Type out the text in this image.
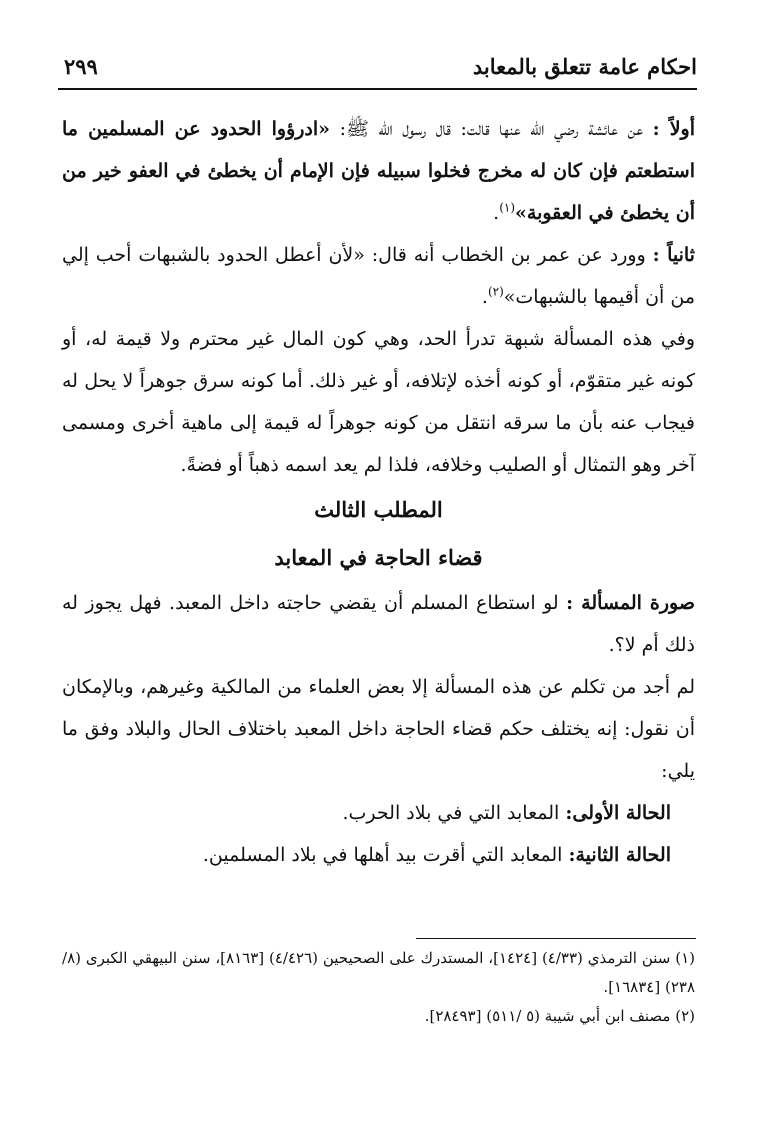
احكام عامة تتعلق بالمعابد
٢٩٩

أولاً : عن عائشة رضي الله عنها قالت: قال رسول الله ﷺ: «ادرؤوا الحدود عن المسلمين ما استطعتم فإن كان له مخرج فخلوا سبيله فإن الإمام أن يخطئ في العفو خير من أن يخطئ في العقوبة»$^{(١)}$.

ثانياً : وورد عن عمر بن الخطاب أنه قال: «لأن أعطل الحدود بالشبهات أحب إلي من أن أقيمها بالشبهات»$^{(٢)}$.

وفي هذه المسألة شبهة تدرأ الحد، وهي كون المال غير محترم ولا قيمة له، أو كونه غير متقوّم، أو كونه أخذه لإتلافه، أو غير ذلك. أما كونه سرق جوهراً لا يحل له فيجاب عنه بأن ما سرقه انتقل من كونه جوهراً له قيمة إلى ماهية أخرى ومسمى آخر وهو التمثال أو الصليب وخلافه، فلذا لم يعد اسمه ذهباً أو فضةً.

المطلب الثالث
قضاء الحاجة في المعابد

صورة المسألة : لو استطاع المسلم أن يقضي حاجته داخل المعبد. فهل يجوز له ذلك أم لا؟.

لم أجد من تكلم عن هذه المسألة إلا بعض العلماء من المالكية وغيرهم، وبالإمكان أن نقول: إنه يختلف حكم قضاء الحاجة داخل المعبد باختلاف الحال والبلاد وفق ما يلي:

الحالة الأولى: المعابد التي في بلاد الحرب.

الحالة الثانية: المعابد التي أقرت بيد أهلها في بلاد المسلمين.

(١) سنن الترمذي (٤/٣٣) [١٤٢٤]، المستدرك على الصحيحين (٤/٤٢٦) [٨١٦٣]، سنن البيهقي الكبرى (٨/ ٢٣٨) [١٦٨٣٤].

(٢) مصنف ابن أبي شيبة (٥ /٥١١) [٢٨٤٩٣].
